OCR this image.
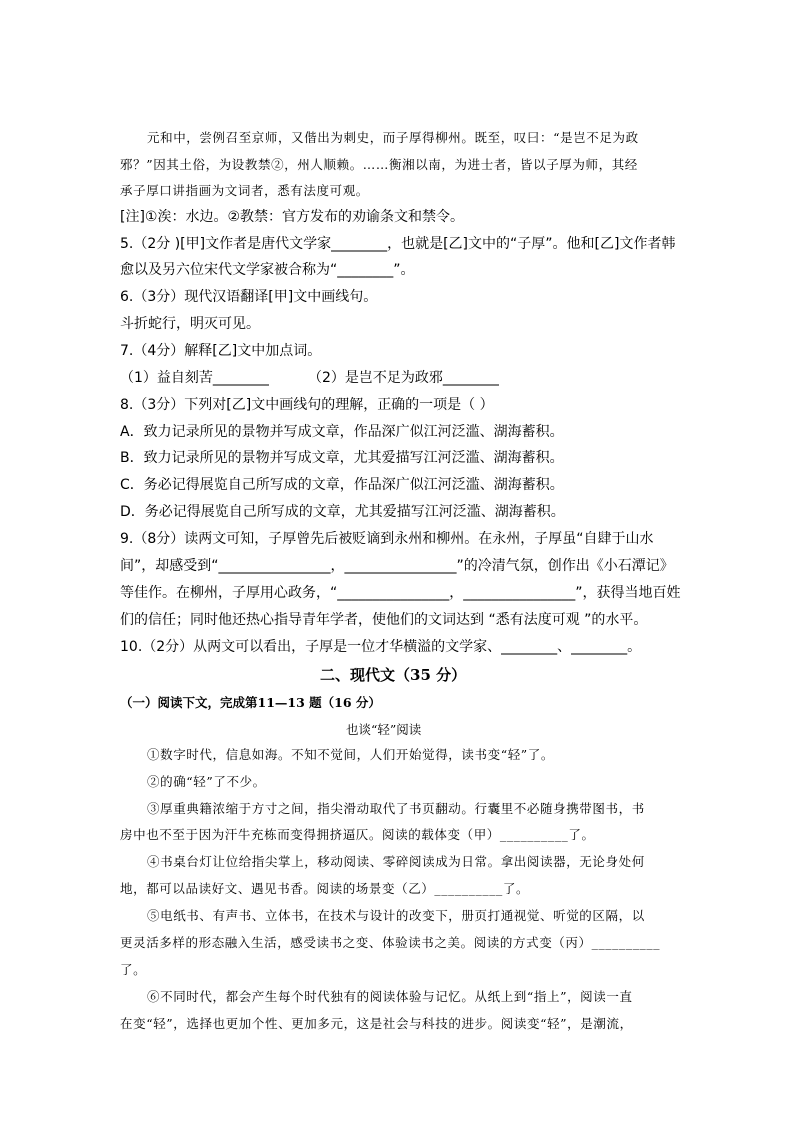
元和中，尝例召至京师，又偕出为刺史，而子厚得柳州。既至，叹曰：“是岂不足为政

邪？”因其土俗，为设教禁②，州人顺赖。……衡湘以南，为进士者，皆以子厚为师，其经

承子厚口讲指画为文词者，悉有法度可观。

[注]①涘：水边。②教禁：官方发布的劝谕条文和禁令。

5.（2分 )[甲]文作者是唐代文学家________，也就是[乙]文中的“子厚”。他和[乙]文作者韩

愈以及另六位宋代文学家被合称为“________”。

6.（3分）现代汉语翻译[甲]文中画线句。

斗折蛇行，明灭可见。

7.（4分）解释[乙]文中加点词。

（1）益自刻苦________	（2）是岂不足为政邪________

8.（3分）下列对[乙]文中画线句的理解，正确的一项是（ ）

A．致力记录所见的景物并写成文章，作品深广似江河泛滥、湖海蓄积。

B．致力记录所见的景物并写成文章，尤其爱描写江河泛滥、湖海蓄积。

C．务必记得展览自己所写成的文章，作品深广似江河泛滥、湖海蓄积。

D．务必记得展览自己所写成的文章，尤其爱描写江河泛滥、湖海蓄积。

9.（8分）读两文可知，子厚曾先后被贬谪到永州和柳州。在永州，子厚虽“自肆于山水

间”，却感受到“________________，________________”的冷清气氛，创作出《小石潭记》

等佳作。在柳州，子厚用心政务，“________________，________________”，获得当地百姓

们的信任；同时他还热心指导青年学者，使他们的文词达到 “悉有法度可观 ”的水平。

10.（2分）从两文可以看出，子厚是一位才华横溢的文学家、________、________。

二、现代文（35 分）

（一）阅读下文，完成第11—13 题（16 分）

也谈“轻”阅读

①数字时代，信息如海。不知不觉间，人们开始觉得，读书变“轻”了。

②的确“轻”了不少。

③厚重典籍浓缩于方寸之间，指尖滑动取代了书页翻动。行囊里不必随身携带图书，书

房中也不至于因为汗牛充栋而变得拥挤逼仄。阅读的载体变（甲）__________了。

④书桌台灯让位给指尖掌上，移动阅读、零碎阅读成为日常。拿出阅读器，无论身处何

地，都可以品读好文、遇见书香。阅读的场景变（乙）__________了。

⑤电纸书、有声书、立体书，在技术与设计的改变下，册页打通视觉、听觉的区隔，以

更灵活多样的形态融入生活，感受读书之变、体验读书之美。阅读的方式变（丙）__________

了。

⑥不同时代，都会产生每个时代独有的阅读体验与记忆。从纸上到“指上”，阅读一直

在变“轻”，选择也更加个性、更加多元，这是社会与科技的进步。阅读变“轻”，是潮流，
